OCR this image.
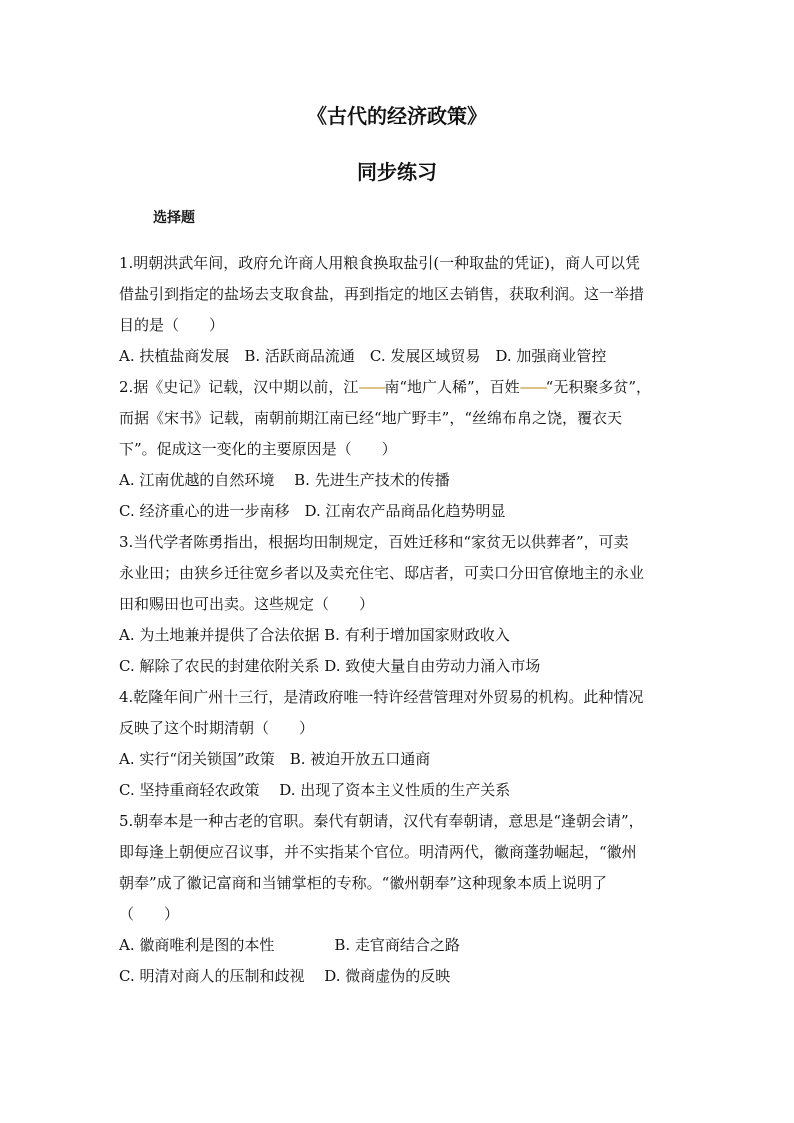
《古代的经济政策》
同步练习
选择题
1.明朝洪武年间，政府允许商人用粮食换取盐引(一种取盐的凭证)，商人可以凭
借盐引到指定的盐场去支取食盐，再到指定的地区去销售，获取利润。这一举措
目的是（　　）
A. 扶植盐商发展　B. 活跃商品流通　C. 发展区域贸易　D. 加强商业管控
2.据《史记》记载，汉中期以前，江——南“地广人稀”，百姓——“无积聚多贫”，
而据《宋书》记载，南朝前期江南已经“地广野丰”，“丝绵布帛之饶，覆衣天
下”。促成这一变化的主要原因是（　　）
A. 江南优越的自然环境　 B. 先进生产技术的传播
C. 经济重心的进一步南移　D. 江南农产品商品化趋势明显
3.当代学者陈勇指出，根据均田制规定，百姓迁移和“家贫无以供葬者”，可卖
永业田；由狭乡迁往宽乡者以及卖充住宅、邸店者，可卖口分田官僚地主的永业
田和赐田也可出卖。这些规定（　　）
A. 为土地兼并提供了合法依据 B. 有利于增加国家财政收入
C. 解除了农民的封建依附关系 D. 致使大量自由劳动力涌入市场
4.乾隆年间广州十三行，是清政府唯一特许经营管理对外贸易的机构。此种情况
反映了这个时期清朝（　　）
A. 实行“闭关锁国”政策　B. 被迫开放五口通商
C. 坚持重商轻农政策　 D. 出现了资本主义性质的生产关系
5.朝奉本是一种古老的官职。秦代有朝请，汉代有奉朝请，意思是“逢朝会请”，
即每逢上朝便应召议事，并不实指某个官位。明清两代，徽商蓬勃崛起，“徽州
朝奉”成了徽记富商和当铺掌柜的专称。“徽州朝奉”这种现象本质上说明了
（　　）
A. 徽商唯利是图的本性　　　　B. 走官商结合之路
C. 明清对商人的压制和歧视　 D. 微商虚伪的反映
